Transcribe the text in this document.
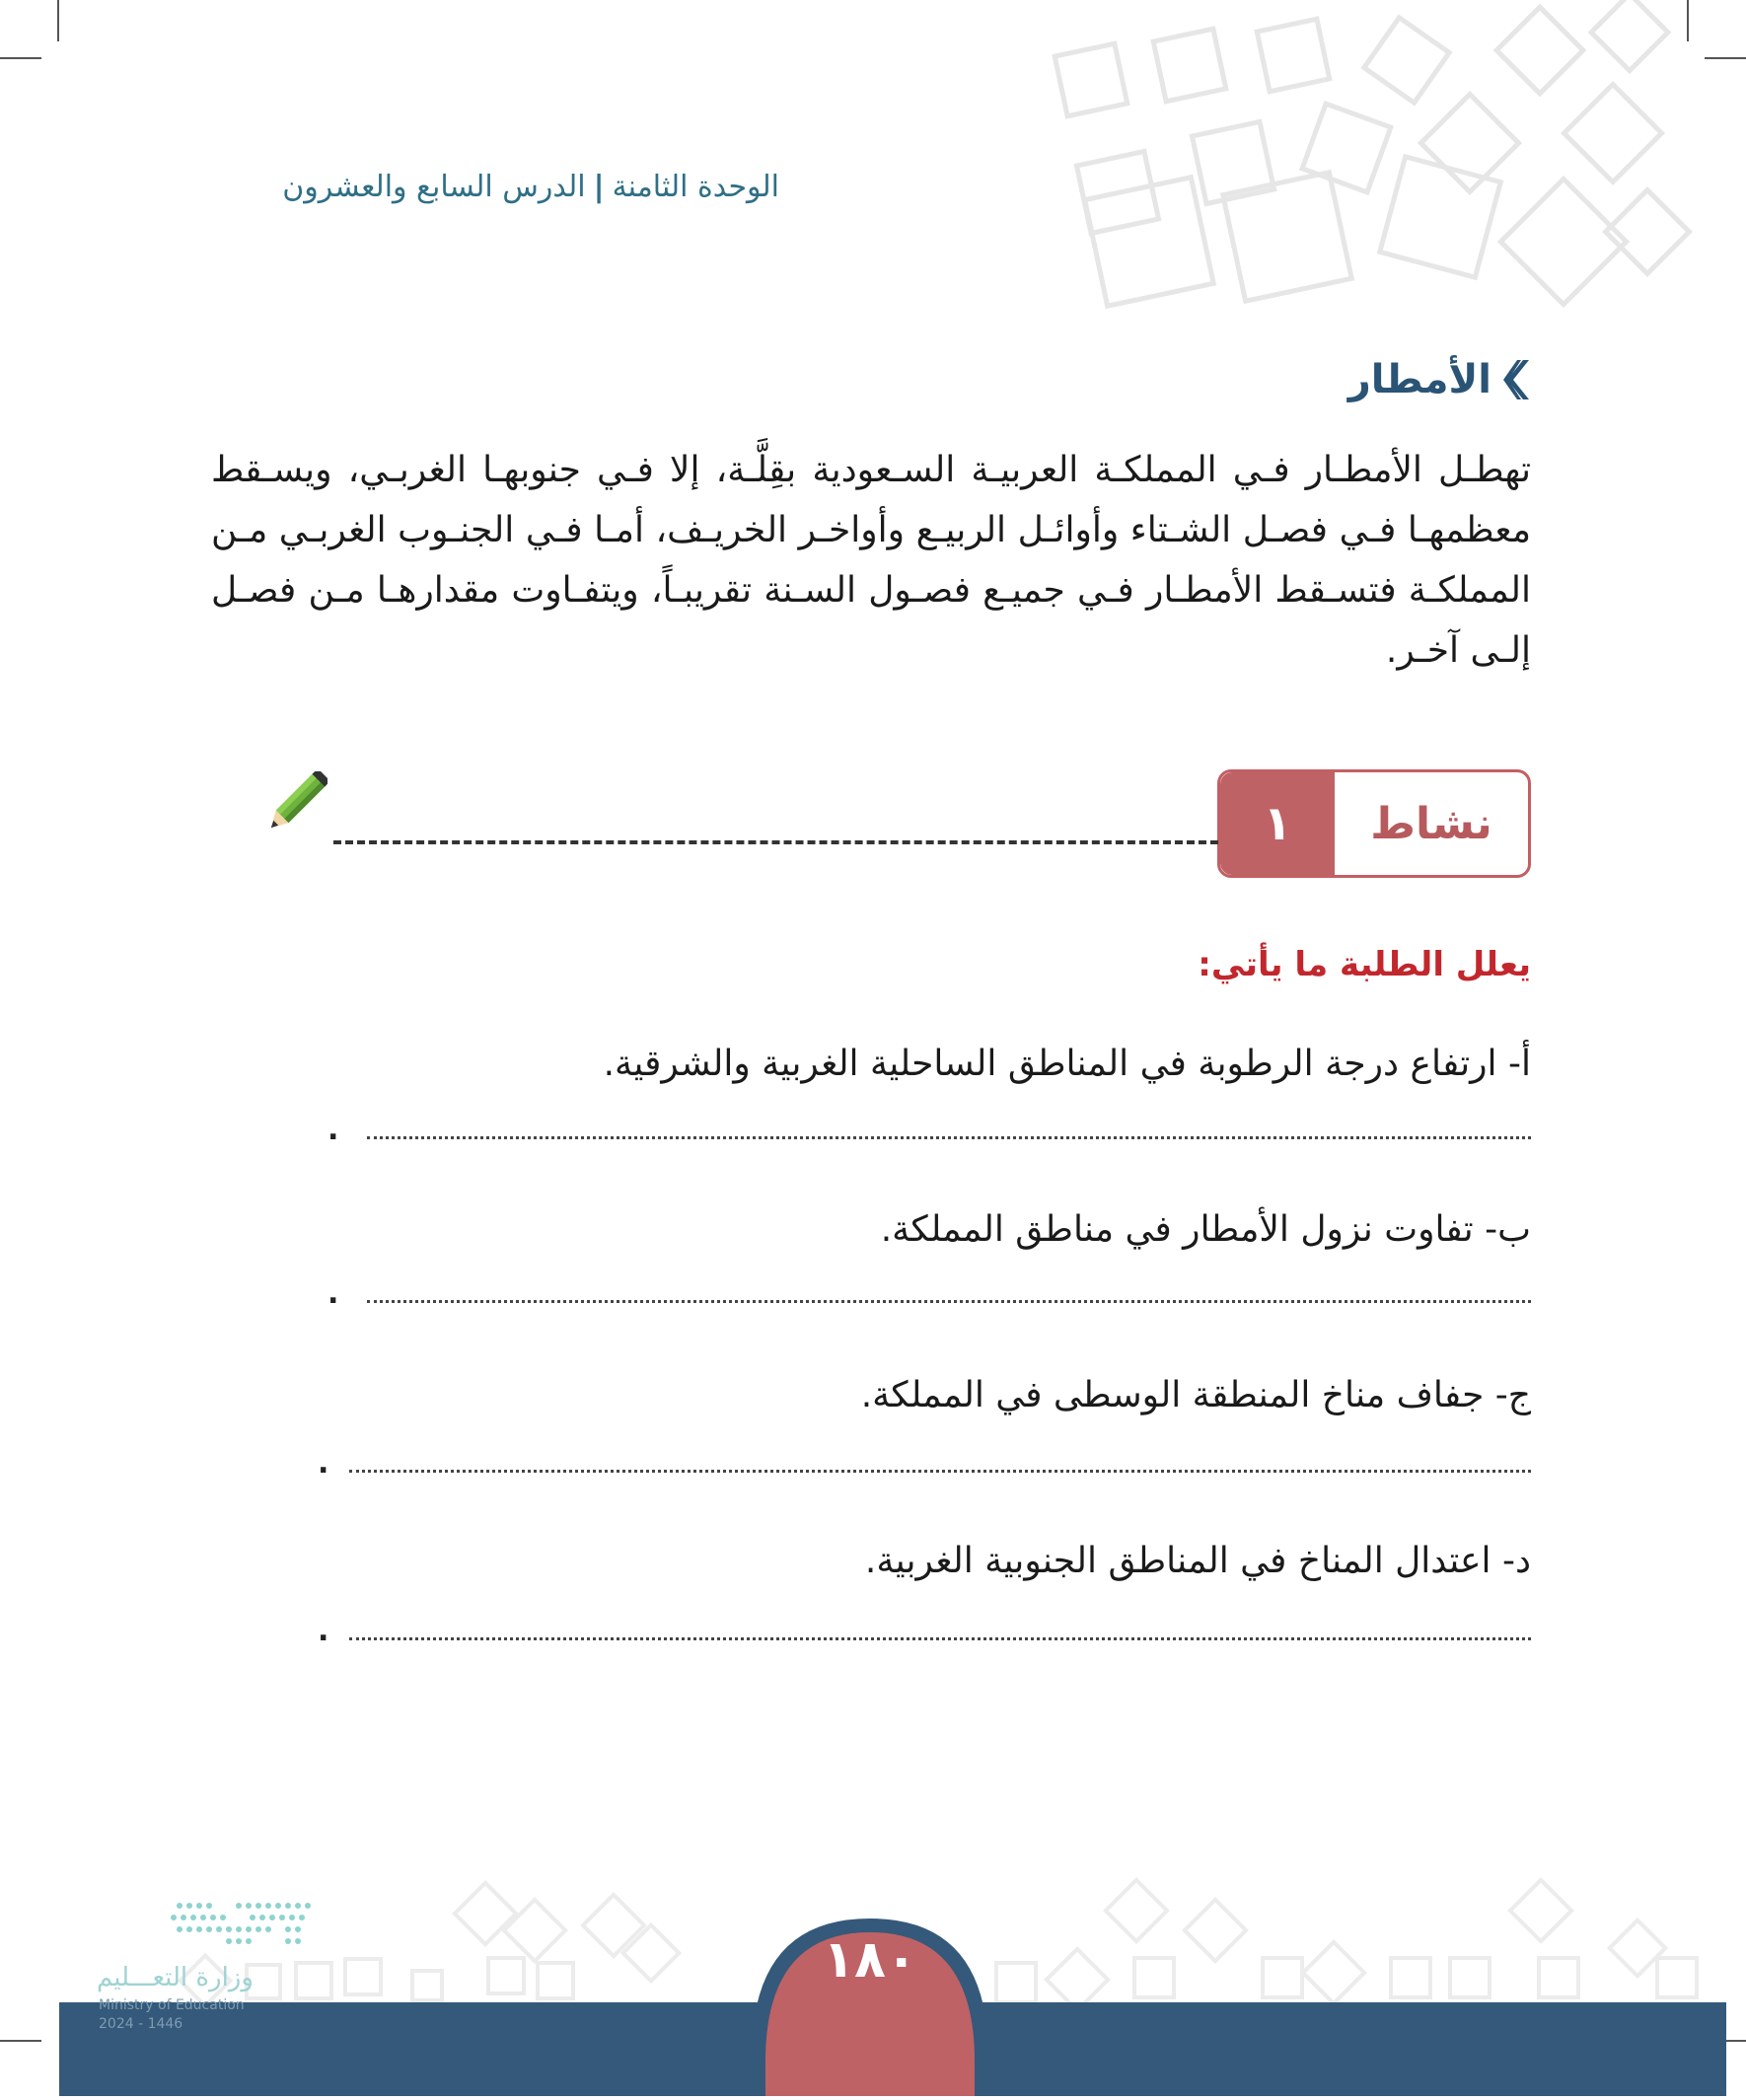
الوحدة الثامنة|الدرس السابع والعشرون
الأمطار
تهطـل الأمطـار فـي المملكـة العربيـة السـعودية بقِلَّـة، إلا فـي جنوبهـا الغربـي، ويسـقط معظمهـا فـي فصـل الشـتاء وأوائـل الربيـع وأواخـر الخريـف، أمـا فـي الجنـوب الغربـي مـن المملكـة فتسـقط الأمطـار فـي جميـع فصـول السـنة تقريبـاً، ويتفـاوت مقدارهـا مـن فصـل إلـى آخـر.
نشاط
١
يعلل الطلبة ما يأتي:
أ- ارتفاع درجة الرطوبة في المناطق الساحلية الغربية والشرقية.
.
ب- تفاوت نزول الأمطار في مناطق المملكة.
.
ج- جفاف مناخ المنطقة الوسطى في المملكة.
.
د- اعتدال المناخ في المناطق الجنوبية الغربية.
.
١٨٠
وزارة التعـــليم
Ministry of Education
2024 - 1446
